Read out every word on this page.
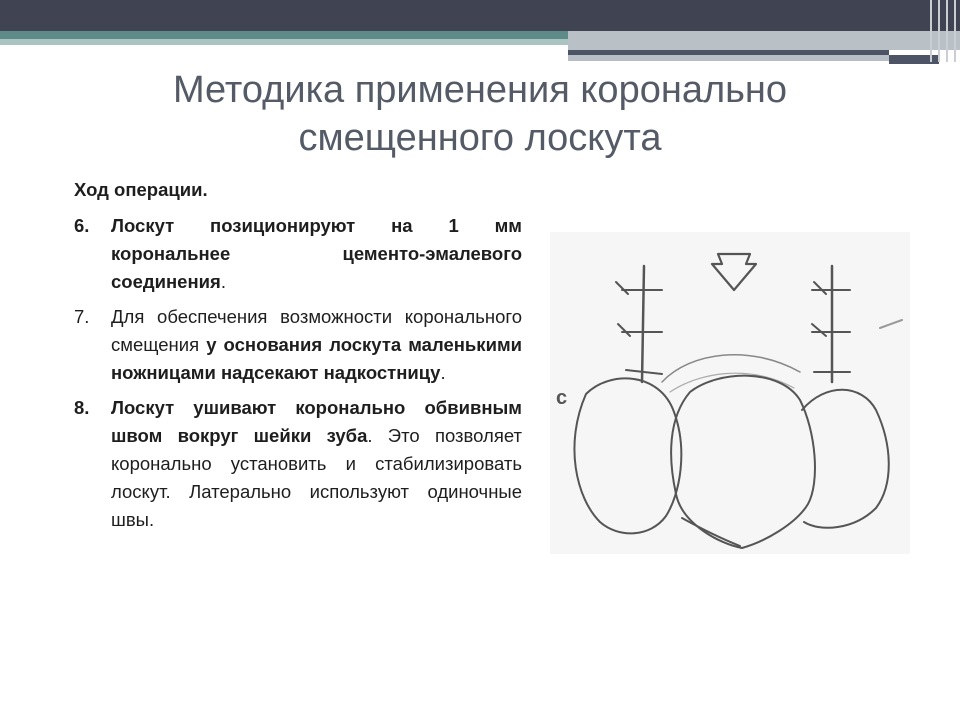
Методика применения коронально
смещенного лоскута
Ход операции.
6.	Лоскут позиционируют на 1 мм корональнее цементо-эмалевого соединения.
7.	Для обеспечения возможности коронального смещения у основания лоскута маленькими ножницами надсекают надкостницу.
8.	Лоскут ушивают коронально обвивным швом вокруг шейки зуба. Это позволяет коронально установить и стабилизировать лоскут. Латерально используют одиночные швы.
c
